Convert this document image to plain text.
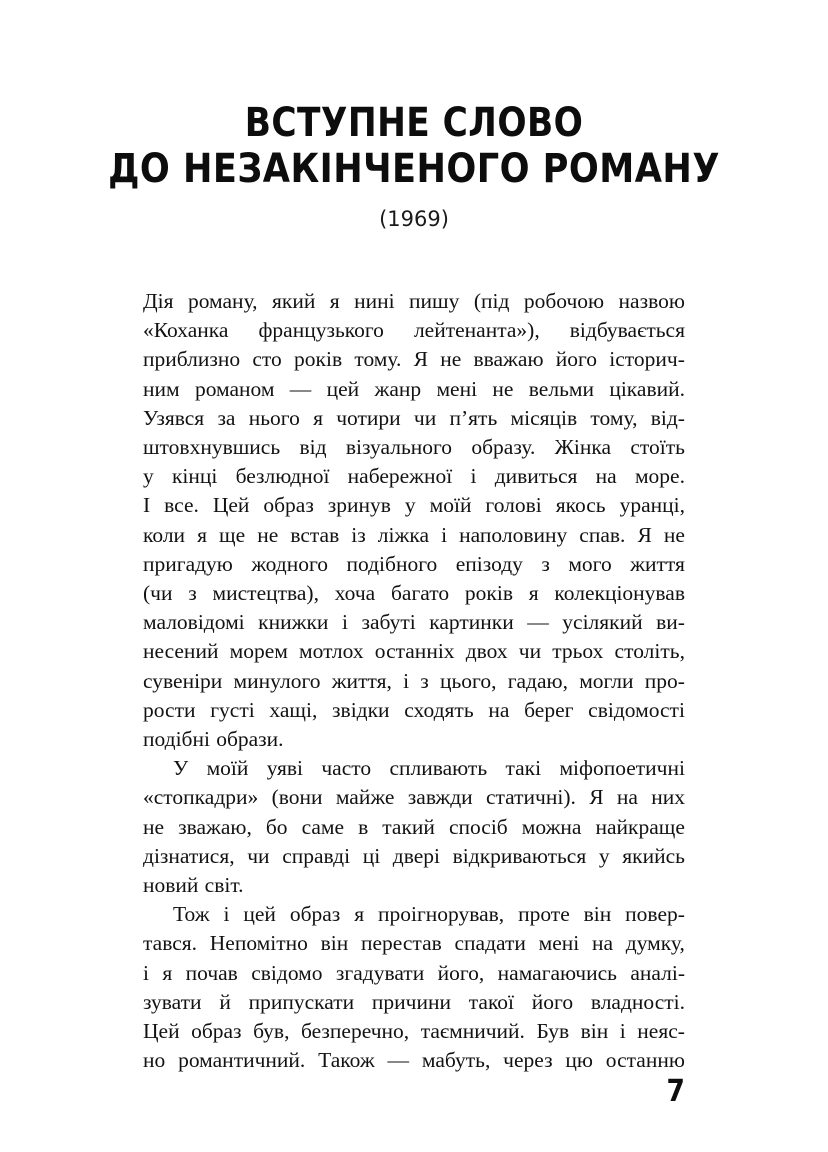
ВСТУПНЕ СЛОВО
ДО НЕЗАКІНЧЕНОГО РОМАНУ
(1969)

Дія роману, який я нині пишу (під робочою назвою
«Коханка французького лейтенанта»), відбувається
приблизно сто років тому. Я не вважаю його історич-
ним романом — цей жанр мені не вельми цікавий.
Узявся за нього я чотири чи п’ять місяців тому, від-
штовхнувшись від візуального образу. Жінка стоїть
у кінці безлюдної набережної і дивиться на море.
І все. Цей образ зринув у моїй голові якось уранці,
коли я ще не встав із ліжка і наполовину спав. Я не
пригадую жодного подібного епізоду з мого життя
(чи з мистецтва), хоча багато років я колекціонував
маловідомі книжки і забуті картинки — усілякий ви-
несений морем мотлох останніх двох чи трьох століть,
сувеніри минулого життя, і з цього, гадаю, могли про-
рости густі хащі, звідки сходять на берег свідомості
подібні образи.

У моїй уяві часто спливають такі міфопоетичні
«стопкадри» (вони майже завжди статичні). Я на них
не зважаю, бо саме в такий спосіб можна найкраще
дізнатися, чи справді ці двері відкриваються у якийсь
новий світ.

Тож і цей образ я проігнорував, проте він повер-
тався. Непомітно він перестав спадати мені на думку,
і я почав свідомо згадувати його, намагаючись аналі-
зувати й припускати причини такої його владності.
Цей образ був, безперечно, таємничий. Був він і неяс-
но романтичний. Також — мабуть, через цю останню

7
